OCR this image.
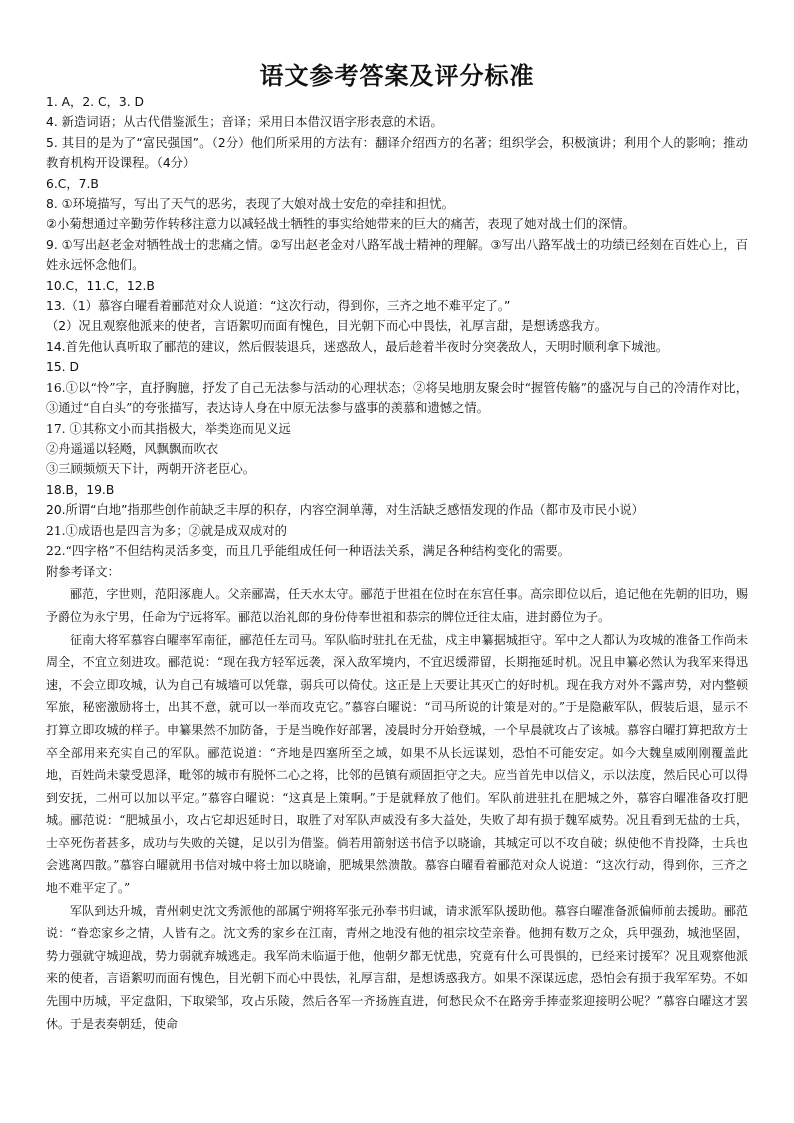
语文参考答案及评分标准

1. A，2. C，3. D

4. 新造词语；从古代借鉴派生；音译；采用日本借汉语字形表意的术语。

5. 其目的是为了“富民强国”。（2分）他们所采用的方法有：翻译介绍西方的名著；组织学会，积极演讲；利用个人的影响；推动教育机构开设课程。（4分）

6.C，7.B

8. ①环境描写，写出了天气的恶劣，表现了大娘对战士安危的牵挂和担忧。

②小菊想通过辛勤劳作转移注意力以减轻战士牺牲的事实给她带来的巨大的痛苦，表现了她对战士们的深情。

9. ①写出赵老金对牺牲战士的悲痛之情。②写出赵老金对八路军战士精神的理解。③写出八路军战士的功绩已经刻在百姓心上，百姓永远怀念他们。

10.C，11.C，12.B

13.（1）慕容白曜看着郦范对众人说道：“这次行动，得到你，三齐之地不难平定了。”

（2）况且观察他派来的使者，言语絮叨而面有愧色，目光朝下而心中畏怯，礼厚言甜，是想诱惑我方。

14.首先他认真听取了郦范的建议，然后假装退兵，迷惑敌人，最后趁着半夜时分突袭敌人，天明时顺利拿下城池。

15. D

16.①以“怜”字，直抒胸臆，抒发了自己无法参与活动的心理状态；②将吴地朋友聚会时“握管传觞”的盛况与自己的冷清作对比，③通过“自白头”的夸张描写，表达诗人身在中原无法参与盛事的羡慕和遗憾之情。

17. ①其称文小而其指极大，举类迩而见义远

②舟遥遥以轻飏，风飘飘而吹衣

③三顾频烦天下计，两朝开济老臣心。

18.B，19.B

20.所谓“白地”指那些创作前缺乏丰厚的积存，内容空洞单薄，对生活缺乏感悟发现的作品（都市及市民小说）

21.①成语也是四言为多；②就是成双成对的

22.“四字格”不但结构灵活多变，而且几乎能组成任何一种语法关系，满足各种结构变化的需要。

附参考译文：

郦范，字世则，范阳涿鹿人。父亲郦嵩，任天水太守。郦范于世祖在位时在东宫任事。高宗即位以后，追记他在先朝的旧功，赐予爵位为永宁男，任命为宁远将军。郦范以治礼郎的身份侍奉世祖和恭宗的牌位迁往太庙，进封爵位为子。

征南大将军慕容白曜率军南征，郦范任左司马。军队临时驻扎在无盐，戍主申纂据城拒守。军中之人都认为攻城的准备工作尚未周全，不宜立刻进攻。郦范说：“现在我方轻军远袭，深入敌军境内，不宜迟缓滞留，长期拖延时机。况且申纂必然认为我军来得迅速，不会立即攻城，认为自己有城墙可以凭靠，弱兵可以倚仗。这正是上天要让其灭亡的好时机。现在我方对外不露声势，对内整顿军旅，秘密激励将士，出其不意，就可以一举而攻克它。”慕容白曜说：“司马所说的计策是对的。”于是隐蔽军队，假装后退，显示不打算立即攻城的样子。申纂果然不加防备，于是当晚作好部署，凌晨时分开始登城，一个早晨就攻占了该城。慕容白曜打算把敌方士卒全部用来充实自己的军队。郦范说道：“齐地是四塞所至之域，如果不从长远谋划，恐怕不可能安定。如今大魏皇威刚刚覆盖此地，百姓尚未蒙受恩泽，毗邻的城市有脱怀二心之将，比邻的邑镇有顽固拒守之夫。应当首先申以信义，示以法度，然后民心可以得到安抚，二州可以加以平定。”慕容白曜说：“这真是上策啊。”于是就释放了他们。军队前进驻扎在肥城之外，慕容白曜准备攻打肥城。郦范说：“肥城虽小，攻占它却迟延时日，取胜了对军队声威没有多大益处，失败了却有损于魏军威势。况且看到无盐的士兵，士卒死伤者甚多，成功与失败的关键，足以引为借鉴。倘若用箭射送书信予以晓谕，其城定可以不攻自破；纵使他不肯投降，士兵也会逃离四散。”慕容白曜就用书信对城中将士加以晓谕，肥城果然溃散。慕容白曜看着郦范对众人说道：“这次行动，得到你，三齐之地不难平定了。”

军队到达升城，青州刺史沈文秀派他的部属宁朔将军张元孙奉书归诚，请求派军队援助他。慕容白曜准备派偏师前去援助。郦范说：“眷恋家乡之情，人皆有之。沈文秀的家乡在江南，青州之地没有他的祖宗坟茔亲眷。他拥有数万之众，兵甲强劲，城池坚固，势力强就守城迎战，势力弱就弃城逃走。我军尚未临逼于他，他朝夕都无忧患，究竟有什么可畏惧的，已经来讨援军？况且观察他派来的使者，言语絮叨而面有愧色，目光朝下而心中畏怯，礼厚言甜，是想诱惑我方。如果不深谋远虑，恐怕会有损于我军军势。不如先围中历城，平定盘阳，下取梁邹，攻占乐陵，然后各军一齐扬旌直进，何愁民众不在路旁手捧壶浆迎接明公呢？”慕容白曜这才罢休。于是表奏朝廷，使命
